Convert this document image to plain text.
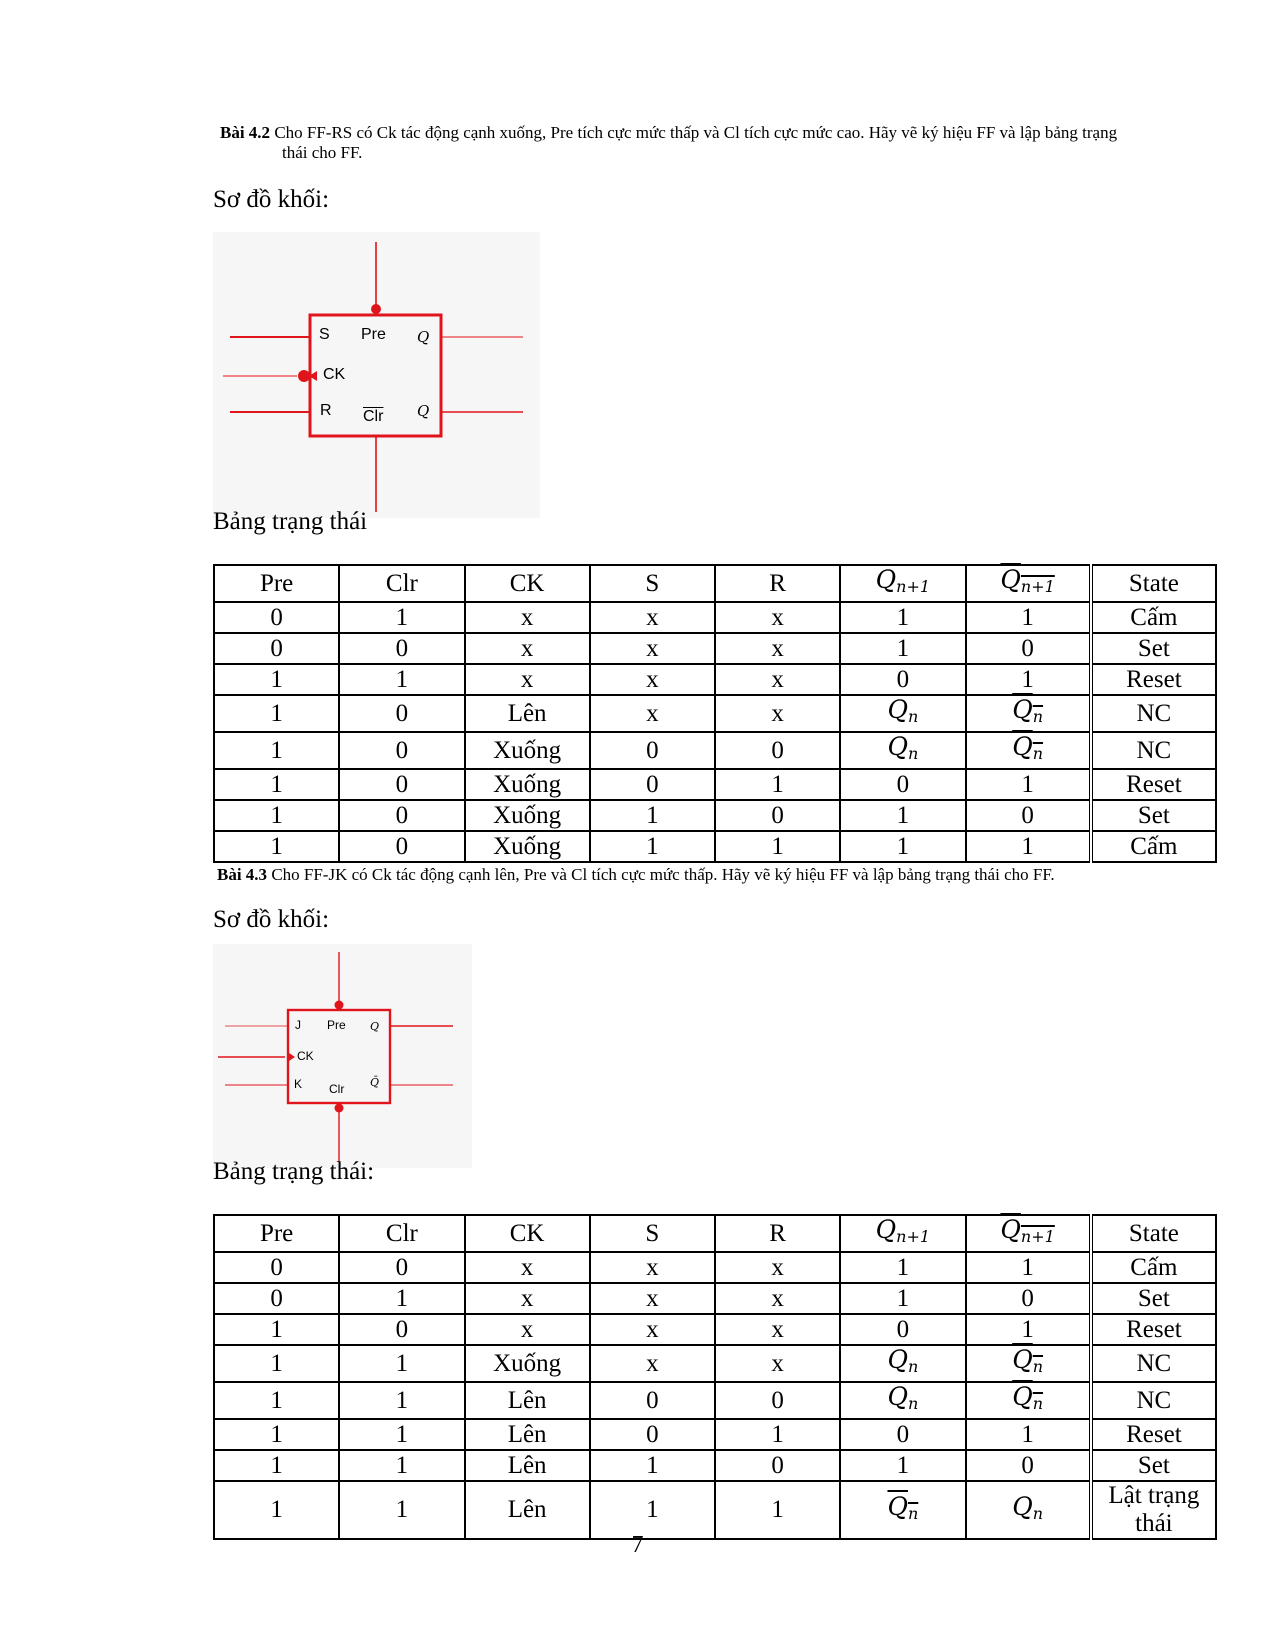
Bài 4.2 Cho FF-RS có Ck tác động cạnh xuống, Pre tích cực mức thấp và Cl tích cực mức cao. Hãy vẽ ký hiệu FF và lập bảng trạng
thái cho FF.
Sơ đồ khối:
S Pre Q
CK
R $\overline{Clr}$ Q
Bảng trạng thái
Pre	Clr	CK	S	R	Qn+1	Qn+1	State
0	1	x	x	x	1	1	Cấm
0	0	x	x	x	1	0	Set
1	1	x	x	x	0	1	Reset
1	0	Lên	x	x	Qn	Qn	NC
1	0	Xuống	0	0	Qn	Qn	NC
1	0	Xuống	0	1	0	1	Reset
1	0	Xuống	1	0	1	0	Set
1	0	Xuống	1	1	1	1	Cấm
Bài 4.3 Cho FF-JK có Ck tác động cạnh lên, Pre và Cl tích cực mức thấp. Hãy vẽ ký hiệu FF và lập bảng trạng thái cho FF.
Sơ đồ khối:
J Pre Q
CK
K Clr Q̄
Bảng trạng thái:
Pre	Clr	CK	S	R	Qn+1	Qn+1	State
0	0	x	x	x	1	1	Cấm
0	1	x	x	x	1	0	Set
1	0	x	x	x	0	1	Reset
1	1	Xuống	x	x	Qn	Qn	NC
1	1	Lên	0	0	Qn	Qn	NC
1	1	Lên	0	1	0	1	Reset
1	1	Lên	1	0	1	0	Set
1	1	Lên	1	1	Qn	Qn	Lật trạng thái
7
